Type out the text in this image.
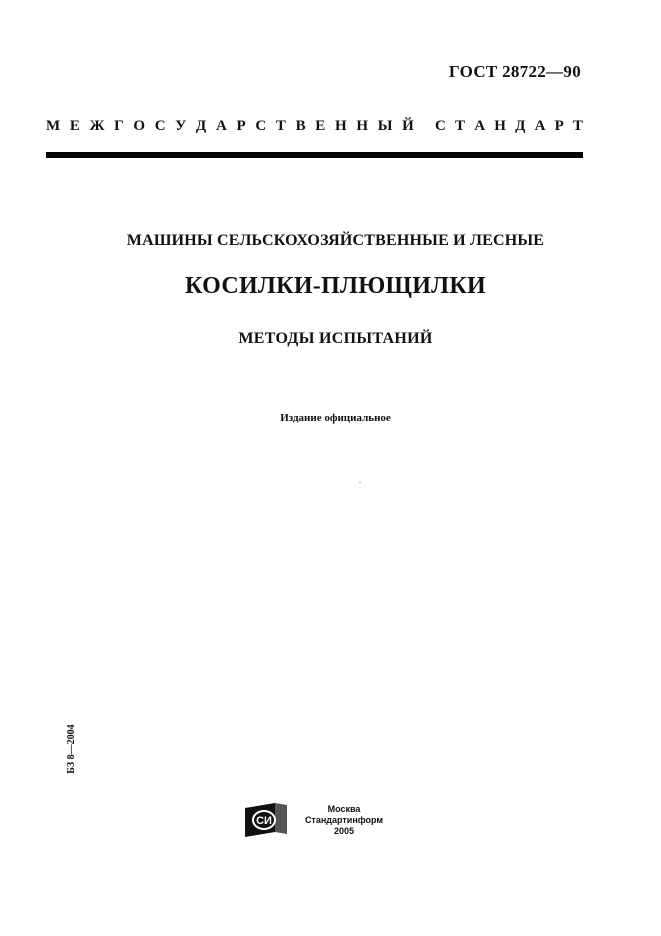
ГОСТ 28722—90
М Е Ж Г О С У Д А Р С Т В Е Н Н Ы Й С Т А Н Д А Р Т
МАШИНЫ СЕЛЬСКОХОЗЯЙСТВЕННЫЕ И ЛЕСНЫЕ
КОСИЛКИ-ПЛЮЩИЛКИ
МЕТОДЫ ИСПЫТАНИЙ
Издание официальное
БЗ 8—2004
СИ
Москва
Стандартинформ
2005
